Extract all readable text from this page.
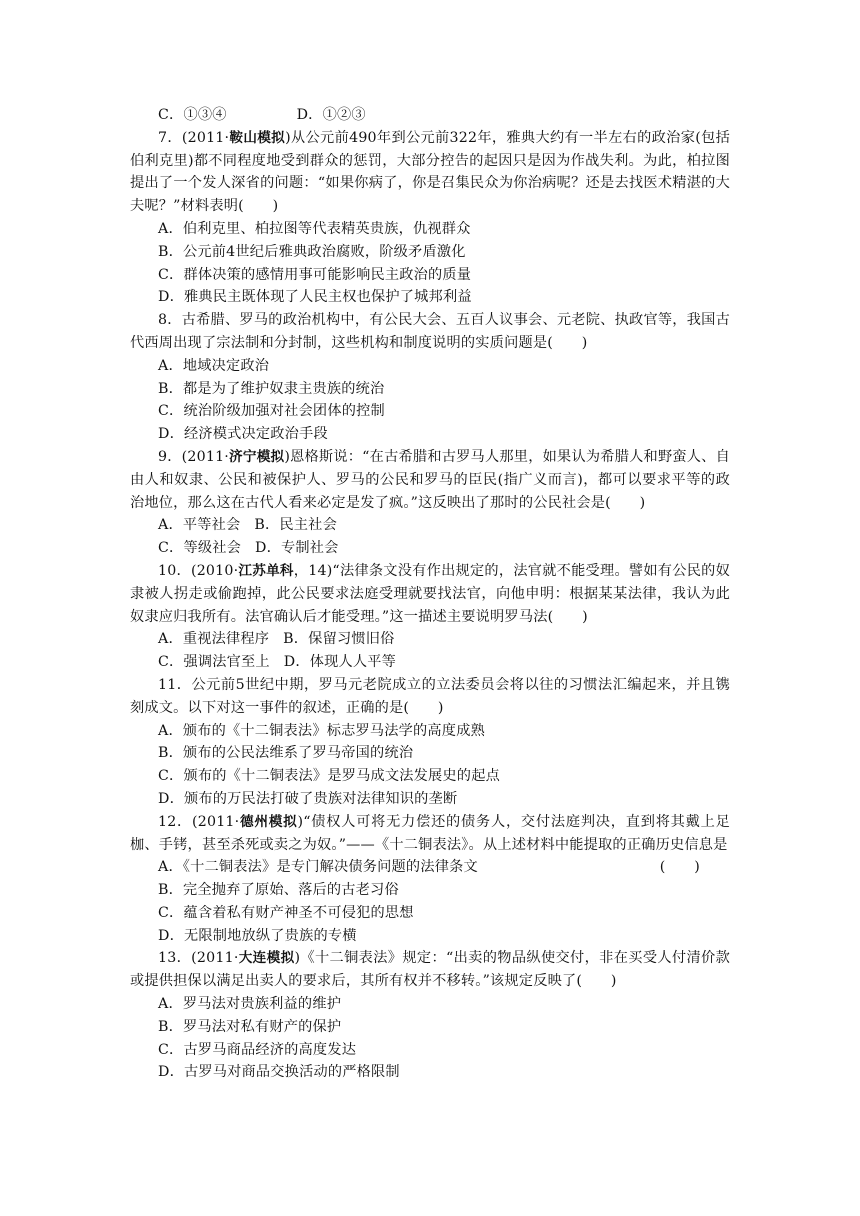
C．①③④	D．①②③
7．(2011·鞍山模拟)从公元前490年到公元前322年，雅典大约有一半左右的政治家(包括伯利克里)都不同程度地受到群众的惩罚，大部分控告的起因只是因为作战失利。为此，柏拉图提出了一个发人深省的问题：“如果你病了，你是召集民众为你治病呢？还是去找医术精湛的大夫呢？”材料表明(　　)
A．伯利克里、柏拉图等代表精英贵族，仇视群众
B．公元前4世纪后雅典政治腐败，阶级矛盾激化
C．群体决策的感情用事可能影响民主政治的质量
D．雅典民主既体现了人民主权也保护了城邦利益
8．古希腊、罗马的政治机构中，有公民大会、五百人议事会、元老院、执政官等，我国古代西周出现了宗法制和分封制，这些机构和制度说明的实质问题是(　　)
A．地域决定政治
B．都是为了维护奴隶主贵族的统治
C．统治阶级加强对社会团体的控制
D．经济模式决定政治手段
9．(2011·济宁模拟)恩格斯说：“在古希腊和古罗马人那里，如果认为希腊人和野蛮人、自由人和奴隶、公民和被保护人、罗马的公民和罗马的臣民(指广义而言)，都可以要求平等的政治地位，那么这在古代人看来必定是发了疯。”这反映出了那时的公民社会是(　　)
A．平等社会 B．民主社会
C．等级社会 D．专制社会
10．(2010·江苏单科，14)“法律条文没有作出规定的，法官就不能受理。譬如有公民的奴隶被人拐走或偷跑掉，此公民要求法庭受理就要找法官，向他申明：根据某某法律，我认为此奴隶应归我所有。法官确认后才能受理。”这一描述主要说明罗马法(　　)
A．重视法律程序 B．保留习惯旧俗
C．强调法官至上 D．体现人人平等
11．公元前5世纪中期，罗马元老院成立的立法委员会将以往的习惯法汇编起来，并且镌刻成文。以下对这一事件的叙述，正确的是(　　)
A．颁布的《十二铜表法》标志罗马法学的高度成熟
B．颁布的公民法维系了罗马帝国的统治
C．颁布的《十二铜表法》是罗马成文法发展史的起点
D．颁布的万民法打破了贵族对法律知识的垄断
12．(2011·德州模拟)“债权人可将无力偿还的债务人，交付法庭判决，直到将其戴上足枷、手铐，甚至杀死或卖之为奴。”——《十二铜表法》。从上述材料中能提取的正确历史信息是
(　　)
A．《十二铜表法》是专门解决债务问题的法律条文
B．完全抛弃了原始、落后的古老习俗
C．蕴含着私有财产神圣不可侵犯的思想
D．无限制地放纵了贵族的专横
13．(2011·大连模拟)《十二铜表法》规定：“出卖的物品纵使交付，非在买受人付清价款或提供担保以满足出卖人的要求后，其所有权并不移转。”该规定反映了(　　)
A．罗马法对贵族利益的维护
B．罗马法对私有财产的保护
C．古罗马商品经济的高度发达
D．古罗马对商品交换活动的严格限制
